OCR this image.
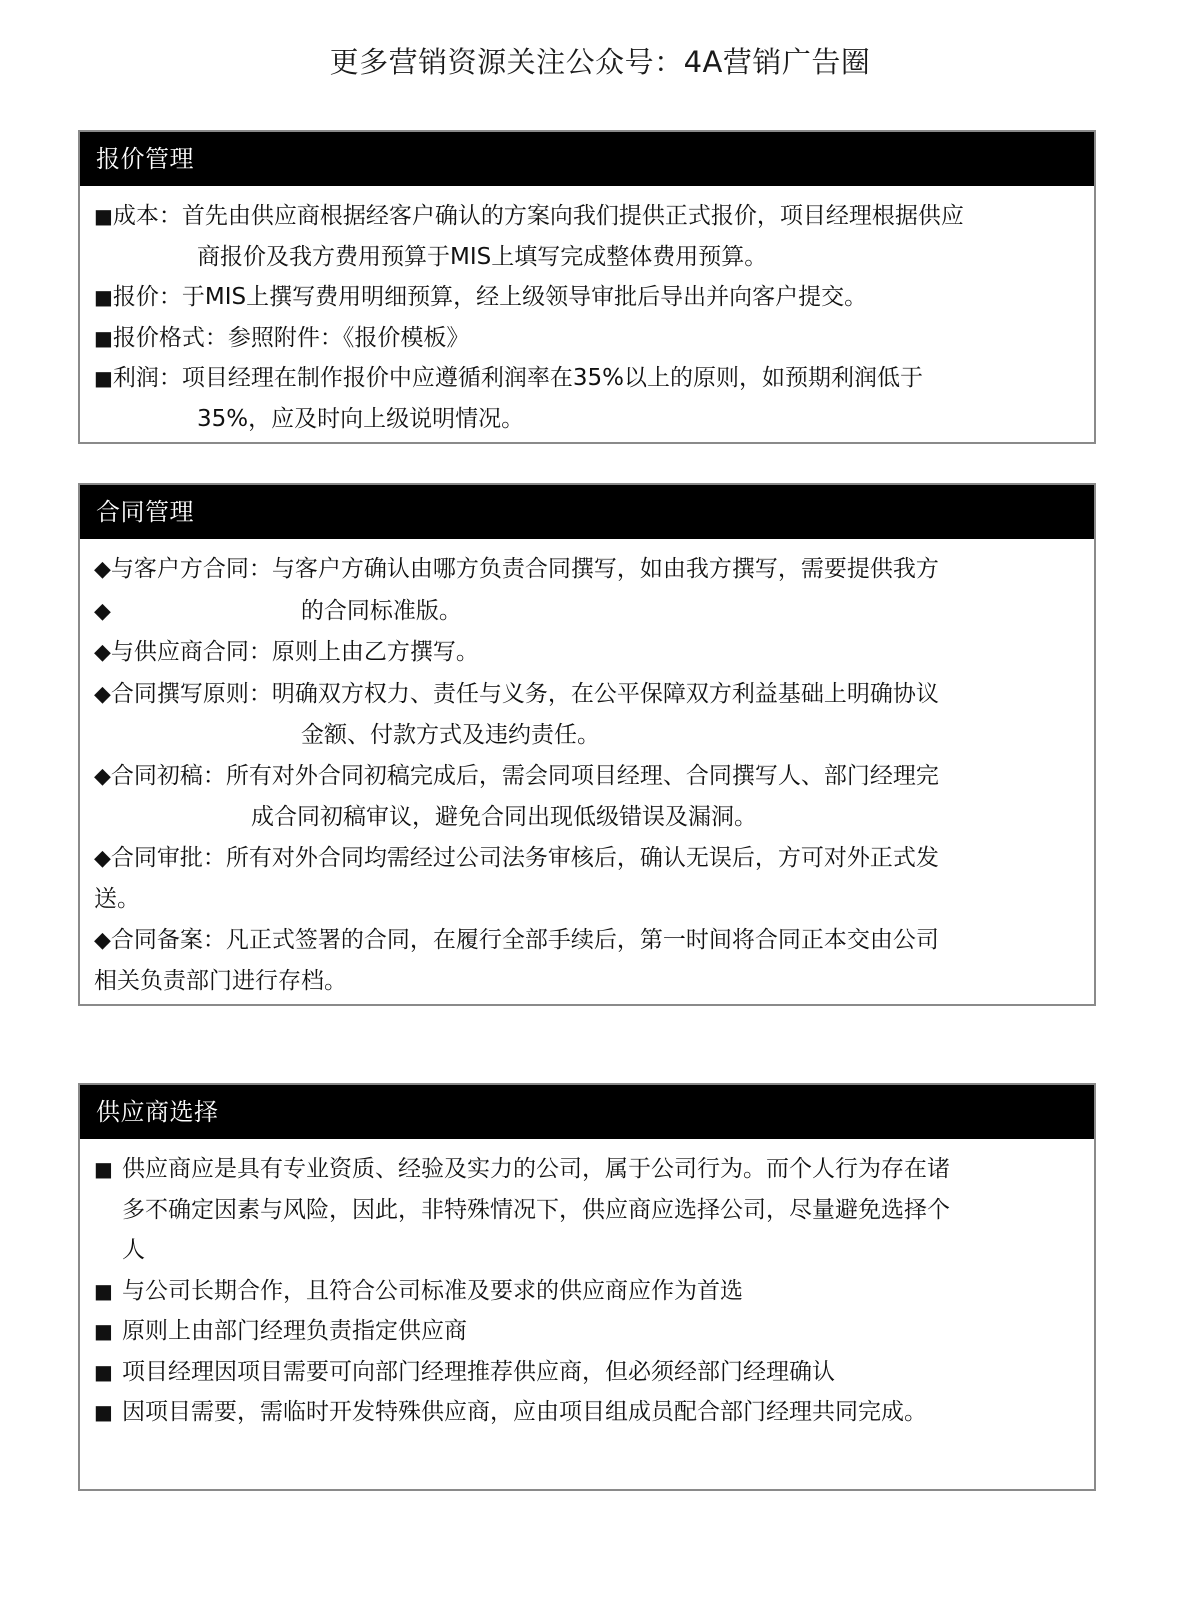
更多营销资源关注公众号：4A营销广告圈
报价管理
■成本：首先由供应商根据经客户确认的方案向我们提供正式报价，项目经理根据供应
商报价及我方费用预算于MIS上填写完成整体费用预算。
■报价：于MIS上撰写费用明细预算，经上级领导审批后导出并向客户提交。
■报价格式：参照附件：《报价模板》
■利润：项目经理在制作报价中应遵循利润率在35%以上的原则，如预期利润低于
35%，应及时向上级说明情况。
合同管理
◆与客户方合同：与客户方确认由哪方负责合同撰写，如由我方撰写，需要提供我方
◆	的合同标准版。
◆与供应商合同：原则上由乙方撰写。
◆合同撰写原则：明确双方权力、责任与义务，在公平保障双方利益基础上明确协议
金额、付款方式及违约责任。
◆合同初稿：所有对外合同初稿完成后，需会同项目经理、合同撰写人、部门经理完
成合同初稿审议，避免合同出现低级错误及漏洞。
◆合同审批：所有对外合同均需经过公司法务审核后，确认无误后，方可对外正式发
送。
◆合同备案：凡正式签署的合同，在履行全部手续后，第一时间将合同正本交由公司
相关负责部门进行存档。
供应商选择
■ 供应商应是具有专业资质、经验及实力的公司，属于公司行为。而个人行为存在诸
多不确定因素与风险，因此，非特殊情况下，供应商应选择公司，尽量避免选择个
人
■ 与公司长期合作，且符合公司标准及要求的供应商应作为首选
■ 原则上由部门经理负责指定供应商
■ 项目经理因项目需要可向部门经理推荐供应商，但必须经部门经理确认
■ 因项目需要，需临时开发特殊供应商，应由项目组成员配合部门经理共同完成。
